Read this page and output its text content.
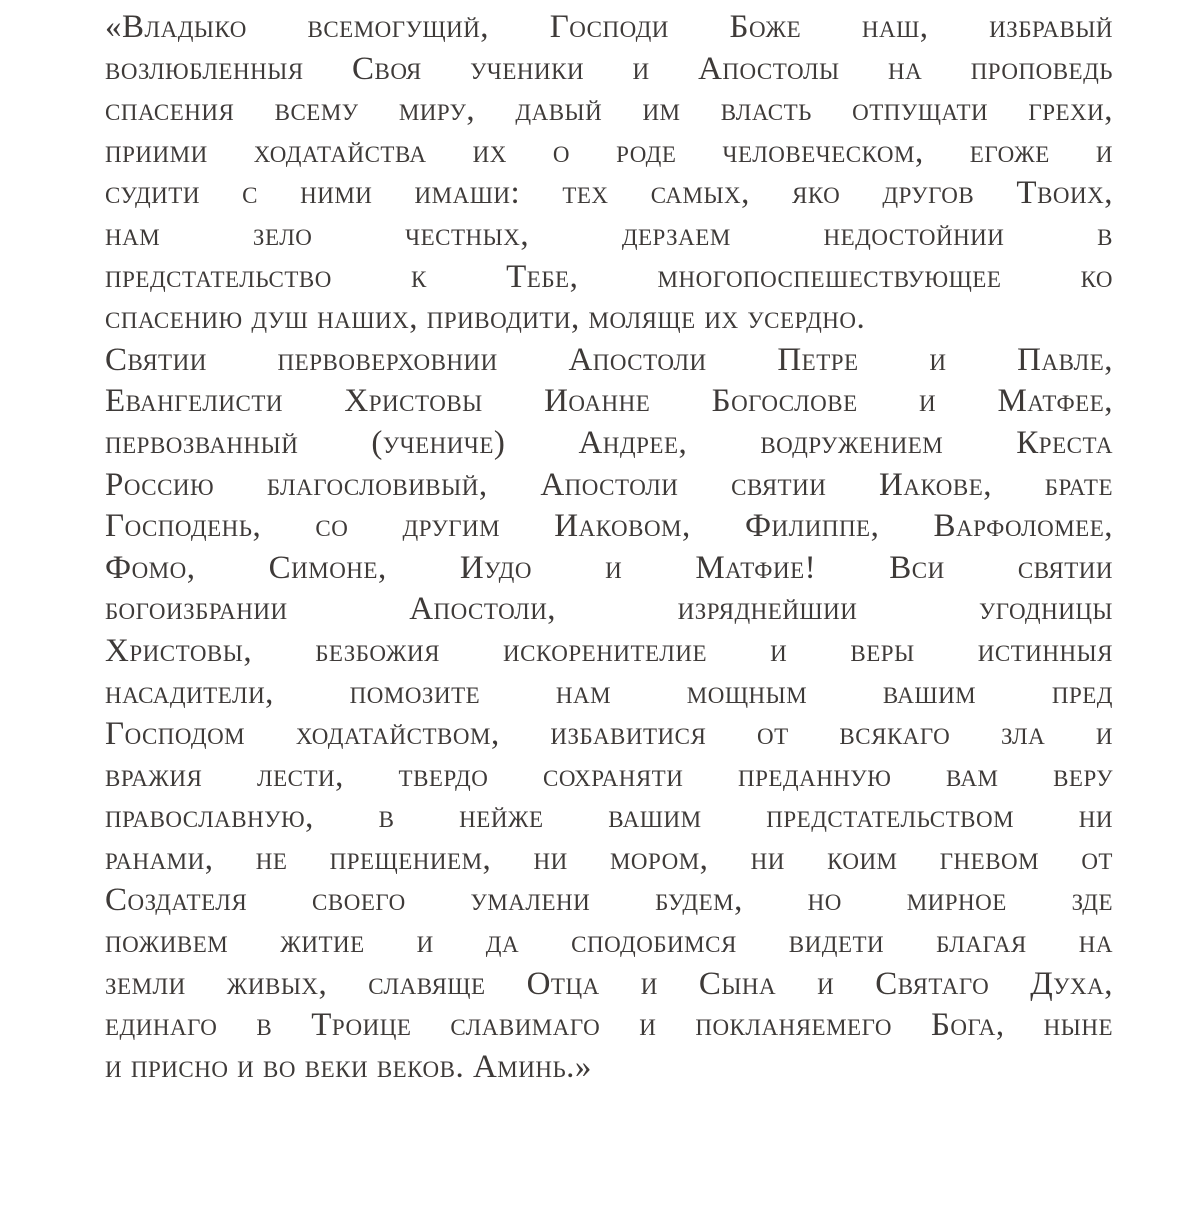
«Владыко всемогущий, Господи Боже наш, избравый
возлюбленныя Своя ученики и Апостолы на проповедь
спасения всему миру, давый им власть отпущати грехи,
приими ходатайства их о роде человеческом, егоже и
судити с ними имаши: тех самых, яко другов Твоих,
нам зело честных, дерзаем недостойнии в
предстательство к Тебе, многопоспешествующее ко
спасению душ наших, приводити, моляще их усердно.
Святии первоверховнии Апостоли Петре и Павле,
Евангелисти Христовы Иоанне Богослове и Матфее,
первозванный (учениче) Андрее, водружением Креста
Россию благословивый, Апостоли святии Иакове, брате
Господень, со другим Иаковом, Филиппе, Варфоломее,
Фомо, Симоне, Иудо и Матфие! Вси святии
богоизбрании Апостоли, изряднейшии угодницы
Христовы, безбожия искоренителие и веры истинныя
насадители, помозите нам мощным вашим пред
Господом ходатайством, избавитися от всякаго зла и
вражия лести, твердо сохраняти преданную вам веру
православную, в нейже вашим предстательством ни
ранами, не прещением, ни мором, ни коим гневом от
Создателя своего умалени будем, но мирное зде
поживем житие и да сподобимся видети благая на
земли живых, славяще Отца и Сына и Святаго Духа,
единаго в Троице славимаго и покланяемего Бога, ныне
и присно и во веки веков. Аминь.»
